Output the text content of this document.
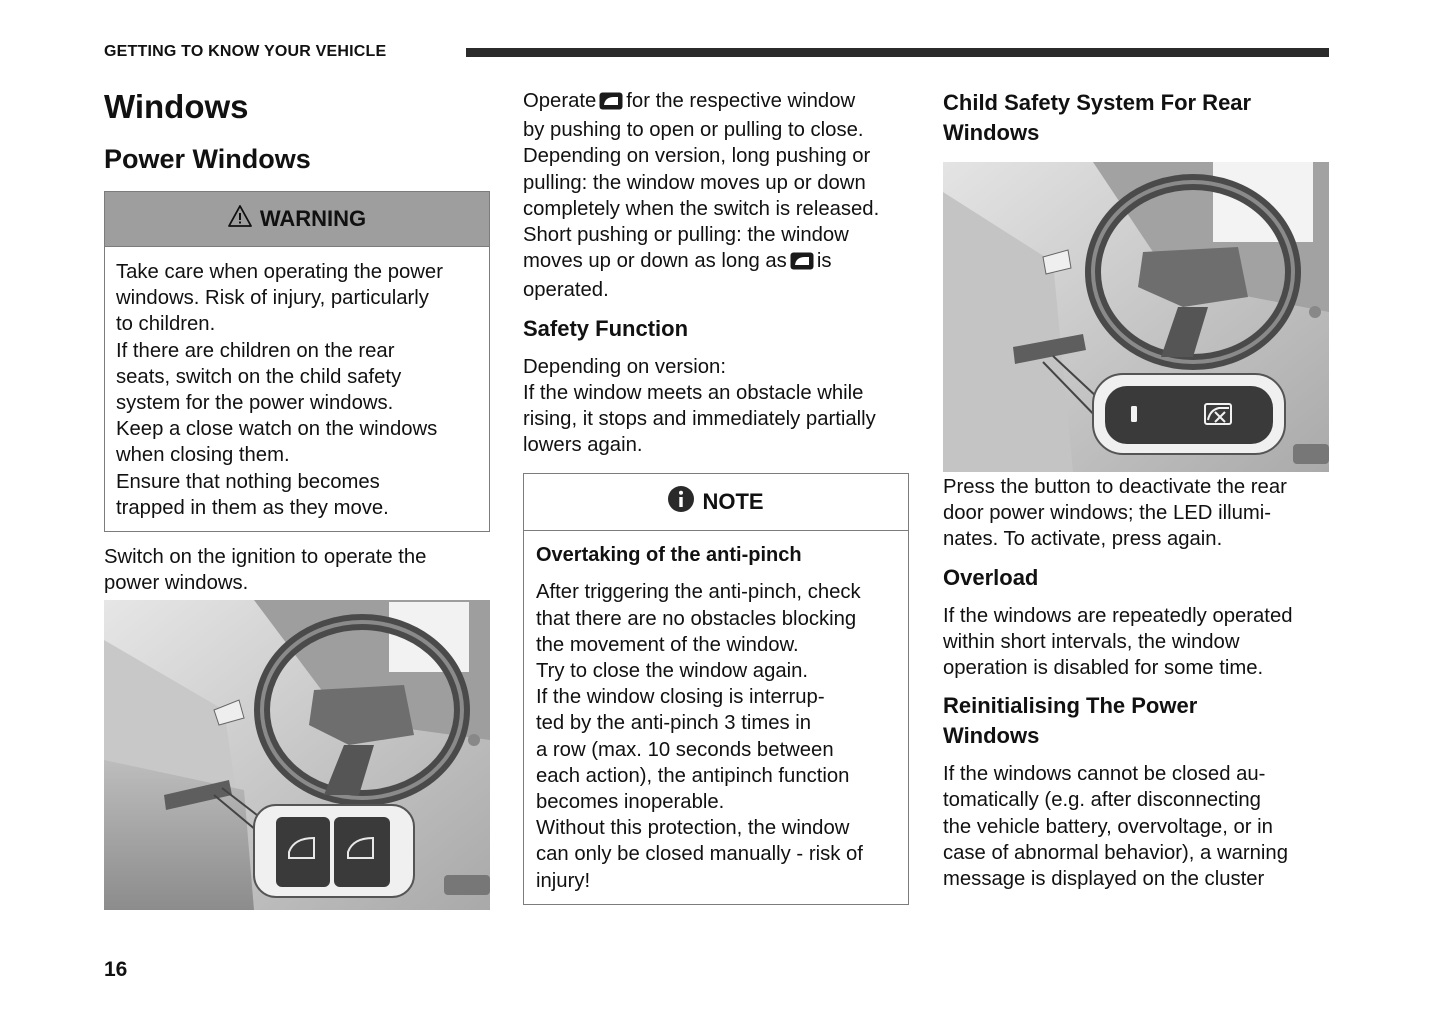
GETTING TO KNOW YOUR VEHICLE
Windows
Power Windows
WARNING

Take care when operating the power

windows. Risk of injury, particularly

to children.

If there are children on the rear

seats, switch on the child safety

system for the power windows.

Keep a close watch on the windows

when closing them.

Ensure that nothing becomes

trapped in them as they move.

Switch on the ignition to operate the

power windows.

Operate for the respective window

by pushing to open or pulling to close.

Depending on version, long pushing or

pulling: the window moves up or down

completely when the switch is released.

Short pushing or pulling: the window

moves up or down as long as is

operated.

Safety Function

Depending on version:

If the window meets an obstacle while

rising, it stops and immediately partially

lowers again.

NOTE
Overtaking of the anti-pinch

After triggering the anti-pinch, check

that there are no obstacles blocking

the movement of the window.

Try to close the window again.

If the window closing is interrup-

ted by the anti-pinch 3 times in

a row (max. 10 seconds between

each action), the antipinch function

becomes inoperable.

Without this protection, the window

can only be closed manually - risk of

injury!

Child Safety System For Rear
Windows

Press the button to deactivate the rear

door power windows; the LED illumi-

nates. To activate, press again.

Overload

If the windows are repeatedly operated

within short intervals, the window

operation is disabled for some time.

Reinitialising The Power
Windows

If the windows cannot be closed au-

tomatically (e.g. after disconnecting

the vehicle battery, overvoltage, or in

case of abnormal behavior), a warning

message is displayed on the cluster

16
